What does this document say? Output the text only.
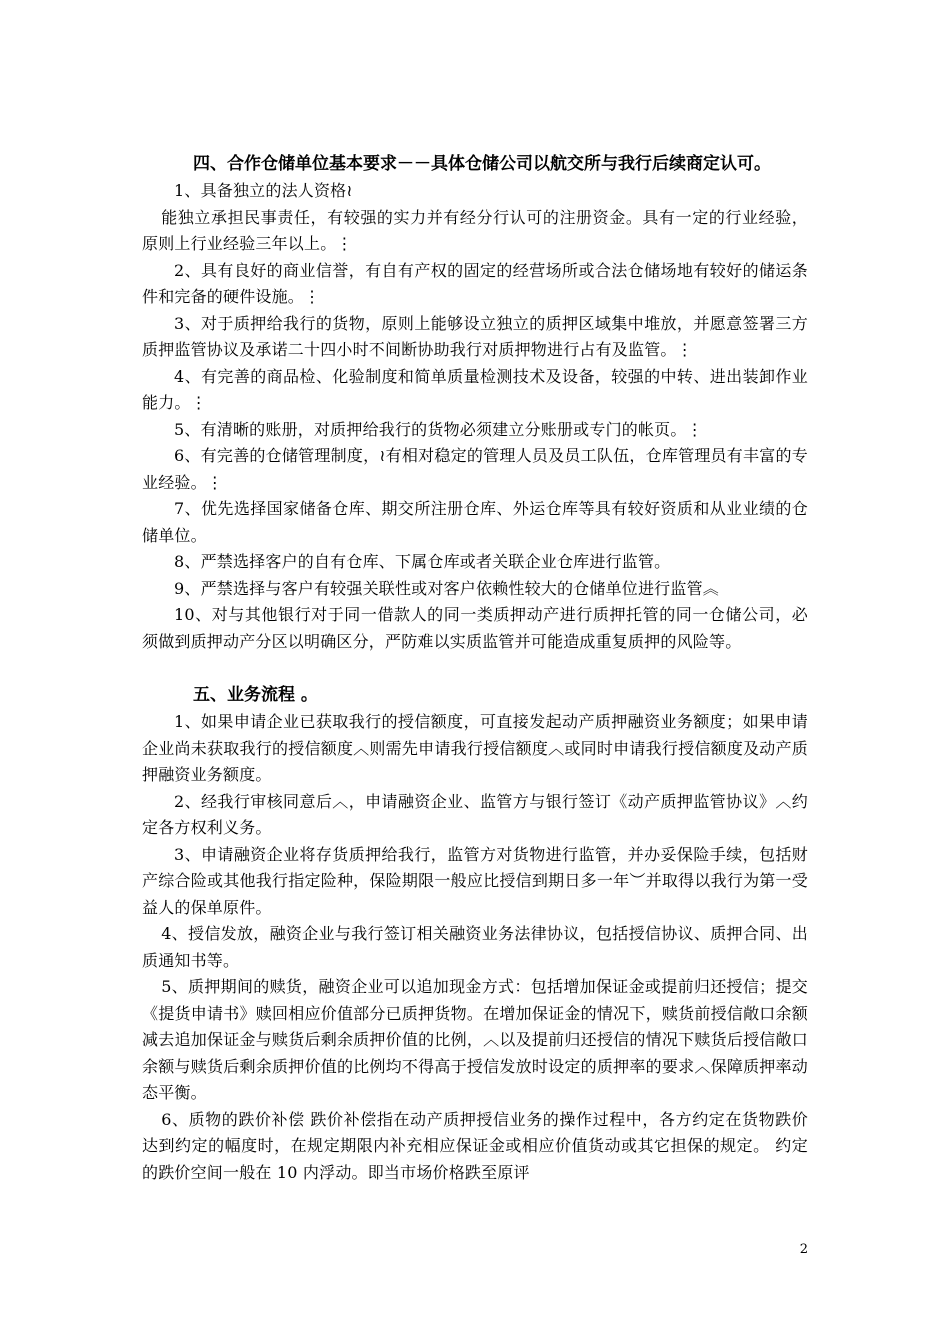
四、合作仓储单位基本要求－－具体仓储公司以航交所与我行后续商定认可。

1、具备独立的法人资格≀

能独立承担民事责任，有较强的实力并有经分行认可的注册资金。具有一定的行业经验，原则上行业经验三年以上。⋮

2、具有良好的商业信誉，有自有产权的固定的经营场所或合法仓储场地有较好的储运条件和完备的硬件设施。⋮

3、对于质押给我行的货物，原则上能够设立独立的质押区域集中堆放，并愿意签署三方质押监管协议及承诺二十四小时不间断协助我行对质押物进行占有及监管。⋮

4、有完善的商品检、化验制度和简单质量检测技术及设备，较强的中转、进出装卸作业能力。⋮

5、有清晰的账册，对质押给我行的货物必须建立分账册或专门的帐页。⋮

6、有完善的仓储管理制度，≀有相对稳定的管理人员及员工队伍，仓库管理员有丰富的专业经验。⋮

7、优先选择国家储备仓库、期交所注册仓库、外运仓库等具有较好资质和从业业绩的仓储单位。

8、严禁选择客户的自有仓库、下属仓库或者关联企业仓库进行监管。

9、严禁选择与客户有较强关联性或对客户依赖性较大的仓储单位进行监管︽

10、对与其他银行对于同一借款人的同一类质押动产进行质押托管的同一仓储公司，必须做到质押动产分区以明确区分，严防难以实质监管并可能造成重复质押的风险等。

五、业务流程 。

1、如果申请企业已获取我行的授信额度，可直接发起动产质押融资业务额度；如果申请企业尚未获取我行的授信额度︿则需先申请我行授信额度︿或同时申请我行授信额度及动产质押融资业务额度。

2、经我行审核同意后︿，申请融资企业、监管方与银行签订《动产质押监管协议》︿约定各方权利义务。

3、申请融资企业将存货质押给我行，监管方对货物进行监管，并办妥保险手续，包括财产综合险或其他我行指定险种，保险期限一般应比授信到期日多一年︶并取得以我行为第一受益人的保单原件。

4、授信发放，融资企业与我行签订相关融资业务法律协议，包括授信协议、质押合同、出质通知书等。

5、质押期间的赎货，融资企业可以追加现金方式：包括增加保证金或提前归还授信；提交《提货申请书》赎回相应价值部分已质押货物。在增加保证金的情况下，赎货前授信敞口余额减去追加保证金与赎货后剩余质押价值的比例，︿以及提前归还授信的情况下赎货后授信敞口余额与赎货后剩余质押价值的比例均不得高于授信发放时设定的质押率的要求︿保障质押率动态平衡。

6、质物的跌价补偿 跌价补偿指在动产质押授信业务的操作过程中，各方约定在货物跌价达到约定的幅度时，在规定期限内补充相应保证金或相应价值货动或其它担保的规定。 约定的跌价空间一般在 10 内浮动。即当市场价格跌至原评

2
